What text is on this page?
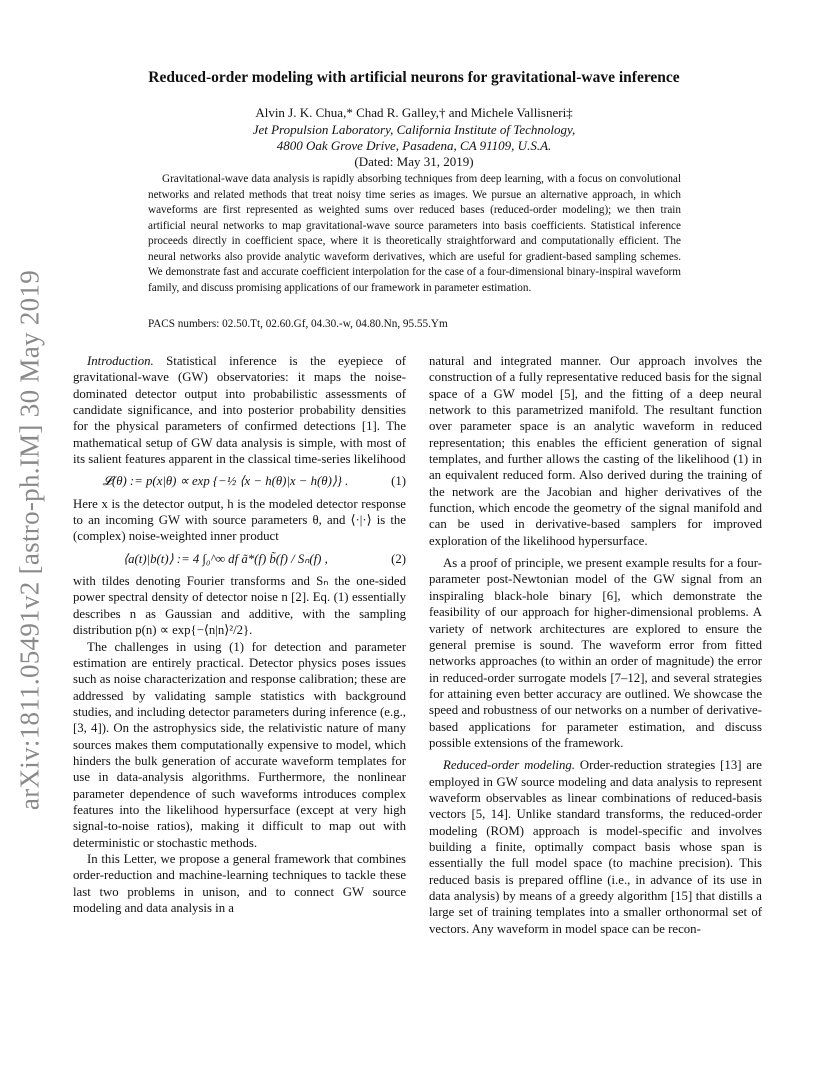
arXiv:1811.05491v2 [astro-ph.IM] 30 May 2019
Reduced-order modeling with artificial neurons for gravitational-wave inference
Alvin J. K. Chua,* Chad R. Galley,† and Michele Vallisneri‡
Jet Propulsion Laboratory, California Institute of Technology,
4800 Oak Grove Drive, Pasadena, CA 91109, U.S.A.
(Dated: May 31, 2019)

Gravitational-wave data analysis is rapidly absorbing techniques from deep learning, with a focus on convolutional networks and related methods that treat noisy time series as images. We pursue an alternative approach, in which waveforms are first represented as weighted sums over reduced bases (reduced-order modeling); we then train artificial neural networks to map gravitational-wave source parameters into basis coefficients. Statistical inference proceeds directly in coefficient space, where it is theoretically straightforward and computationally efficient. The neural networks also provide analytic waveform derivatives, which are useful for gradient-based sampling schemes. We demonstrate fast and accurate coefficient interpolation for the case of a four-dimensional binary-inspiral waveform family, and discuss promising applications of our framework in parameter estimation.

PACS numbers: 02.50.Tt, 02.60.Gf, 04.30.-w, 04.80.Nn, 95.55.Ym

Introduction. Statistical inference is the eyepiece of gravitational-wave (GW) observatories: it maps the noise-dominated detector output into probabilistic assessments of candidate significance, and into posterior probability densities for the physical parameters of confirmed detections [1]. The mathematical setup of GW data analysis is simple, with most of its salient features apparent in the classical time-series likelihood

𝓛(θ) := p(x|θ) ∝ exp {−½ ⟨x − h(θ)|x − h(θ)⟩} .	(1)

Here x is the detector output, h is the modeled detector response to an incoming GW with source parameters θ, and ⟨·|·⟩ is the (complex) noise-weighted inner product

⟨a(t)|b(t)⟩ := 4 ∫₀^∞ df ã*(f) b̃(f) / Sₙ(f) ,	(2)

with tildes denoting Fourier transforms and Sₙ the one-sided power spectral density of detector noise n [2]. Eq. (1) essentially describes n as Gaussian and additive, with the sampling distribution p(n) ∝ exp{−⟨n|n⟩²/2}.

The challenges in using (1) for detection and parameter estimation are entirely practical. Detector physics poses issues such as noise characterization and response calibration; these are addressed by validating sample statistics with background studies, and including detector parameters during inference (e.g., [3, 4]). On the astrophysics side, the relativistic nature of many sources makes them computationally expensive to model, which hinders the bulk generation of accurate waveform templates for use in data-analysis algorithms. Furthermore, the nonlinear parameter dependence of such waveforms introduces complex features into the likelihood hypersurface (except at very high signal-to-noise ratios), making it difficult to map out with deterministic or stochastic methods.

In this Letter, we propose a general framework that combines order-reduction and machine-learning techniques to tackle these last two problems in unison, and to connect GW source modeling and data analysis in a

natural and integrated manner. Our approach involves the construction of a fully representative reduced basis for the signal space of a GW model [5], and the fitting of a deep neural network to this parametrized manifold. The resultant function over parameter space is an analytic waveform in reduced representation; this enables the efficient generation of signal templates, and further allows the casting of the likelihood (1) in an equivalent reduced form. Also derived during the training of the network are the Jacobian and higher derivatives of the function, which encode the geometry of the signal manifold and can be used in derivative-based samplers for improved exploration of the likelihood hypersurface.

As a proof of principle, we present example results for a four-parameter post-Newtonian model of the GW signal from an inspiraling black-hole binary [6], which demonstrate the feasibility of our approach for higher-dimensional problems. A variety of network architectures are explored to ensure the general premise is sound. The waveform error from fitted networks approaches (to within an order of magnitude) the error in reduced-order surrogate models [7–12], and several strategies for attaining even better accuracy are outlined. We showcase the speed and robustness of our networks on a number of derivative-based applications for parameter estimation, and discuss possible extensions of the framework.

Reduced-order modeling. Order-reduction strategies [13] are employed in GW source modeling and data analysis to represent waveform observables as linear combinations of reduced-basis vectors [5, 14]. Unlike standard transforms, the reduced-order modeling (ROM) approach is model-specific and involves building a finite, optimally compact basis whose span is essentially the full model space (to machine precision). This reduced basis is prepared offline (i.e., in advance of its use in data analysis) by means of a greedy algorithm [15] that distills a large set of training templates into a smaller orthonormal set of vectors. Any waveform in model space can be recon-
